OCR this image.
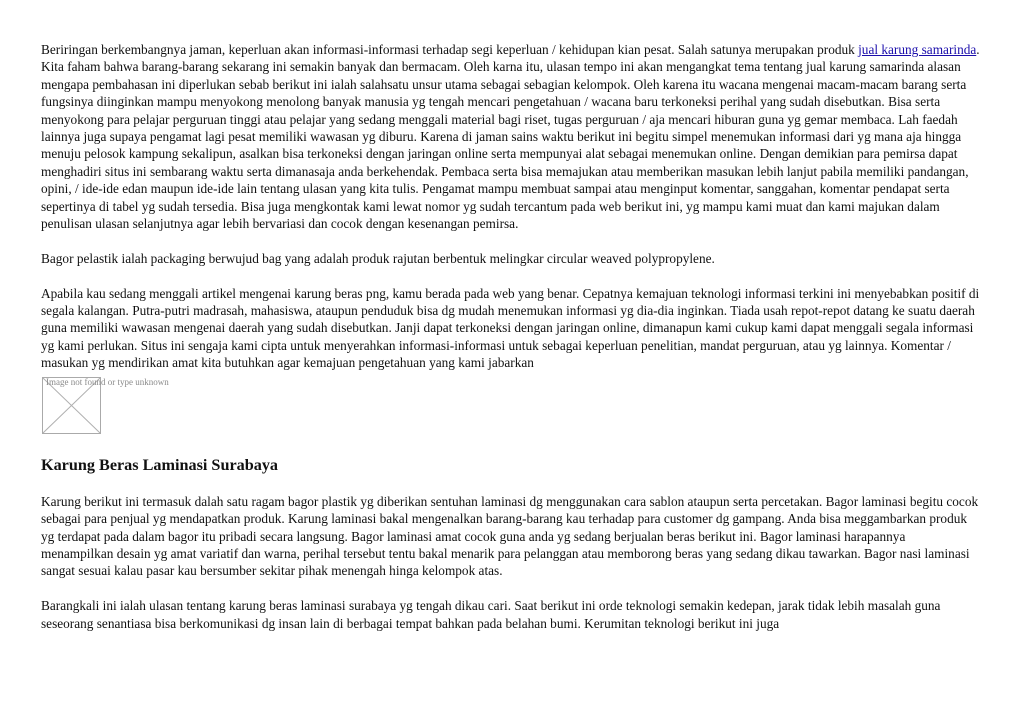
Beriringan berkembangnya jaman, keperluan akan informasi-informasi terhadap segi keperluan / kehidupan kian pesat. Salah satunya merupakan produk jual karung samarinda. Kita faham bahwa barang-barang sekarang ini semakin banyak dan bermacam. Oleh karna itu, ulasan tempo ini akan mengangkat tema tentang jual karung samarinda alasan mengapa pembahasan ini diperlukan sebab berikut ini ialah salahsatu unsur utama sebagai sebagian kelompok. Oleh karena itu wacana mengenai macam-macam barang serta fungsinya diinginkan mampu menyokong menolong banyak manusia yg tengah mencari pengetahuan / wacana baru terkoneksi perihal yang sudah disebutkan. Bisa serta menyokong para pelajar perguruan tinggi atau pelajar yang sedang menggali material bagi riset, tugas perguruan / aja mencari hiburan guna yg gemar membaca. Lah faedah lainnya juga supaya pengamat lagi pesat memiliki wawasan yg diburu. Karena di jaman sains waktu berikut ini begitu simpel menemukan informasi dari yg mana aja hingga menuju pelosok kampung sekalipun, asalkan bisa terkoneksi dengan jaringan online serta mempunyai alat sebagai menemukan online. Dengan demikian para pemirsa dapat menghadiri situs ini sembarang waktu serta dimanasaja anda berkehendak. Pembaca serta bisa memajukan atau memberikan masukan lebih lanjut pabila memiliki pandangan, opini, / ide-ide edan maupun ide-ide lain tentang ulasan yang kita tulis. Pengamat mampu membuat sampai atau menginput komentar, sanggahan, komentar pendapat serta sepertinya di tabel yg sudah tersedia. Bisa juga mengkontak kami lewat nomor yg sudah tercantum pada web berikut ini, yg mampu kami muat dan kami majukan dalam penulisan ulasan selanjutnya agar lebih bervariasi dan cocok dengan kesenangan pemirsa.

Bagor pelastik ialah packaging berwujud bag yang adalah produk rajutan berbentuk melingkar circular weaved polypropylene.

Apabila kau sedang menggali artikel mengenai karung beras png, kamu berada pada web yang benar. Cepatnya kemajuan teknologi informasi terkini ini menyebabkan positif di segala kalangan. Putra-putri madrasah, mahasiswa, ataupun penduduk bisa dg mudah menemukan informasi yg dia-dia inginkan. Tiada usah repot-repot datang ke suatu daerah guna memiliki wawasan mengenai daerah yang sudah disebutkan. Janji dapat terkoneksi dengan jaringan online, dimanapun kami cukup kami dapat menggali segala informasi yg kami perlukan. Situs ini sengaja kami cipta untuk menyerahkan informasi-informasi untuk sebagai keperluan penelitian, mandat perguruan, atau yg lainnya. Komentar / masukan yg mendirikan amat kita butuhkan agar kemajuan pengetahuan yang kami jabarkan

Image not found or type unknown
Karung Beras Laminasi Surabaya

Karung berikut ini termasuk dalah satu ragam bagor plastik yg diberikan sentuhan laminasi dg menggunakan cara sablon ataupun serta percetakan. Bagor laminasi begitu cocok sebagai para penjual yg mendapatkan produk. Karung laminasi bakal mengenalkan barang-barang kau terhadap para customer dg gampang. Anda bisa meggambarkan produk yg terdapat pada dalam bagor itu pribadi secara langsung. Bagor laminasi amat cocok guna anda yg sedang berjualan beras berikut ini. Bagor laminasi harapannya menampilkan desain yg amat variatif dan warna, perihal tersebut tentu bakal menarik para pelanggan atau memborong beras yang sedang dikau tawarkan. Bagor nasi laminasi sangat sesuai kalau pasar kau bersumber sekitar pihak menengah hinga kelompok atas.

Barangkali ini ialah ulasan tentang karung beras laminasi surabaya yg tengah dikau cari. Saat berikut ini orde teknologi semakin kedepan, jarak tidak lebih masalah guna seseorang senantiasa bisa berkomunikasi dg insan lain di berbagai tempat bahkan pada belahan bumi. Kerumitan teknologi berikut ini juga
